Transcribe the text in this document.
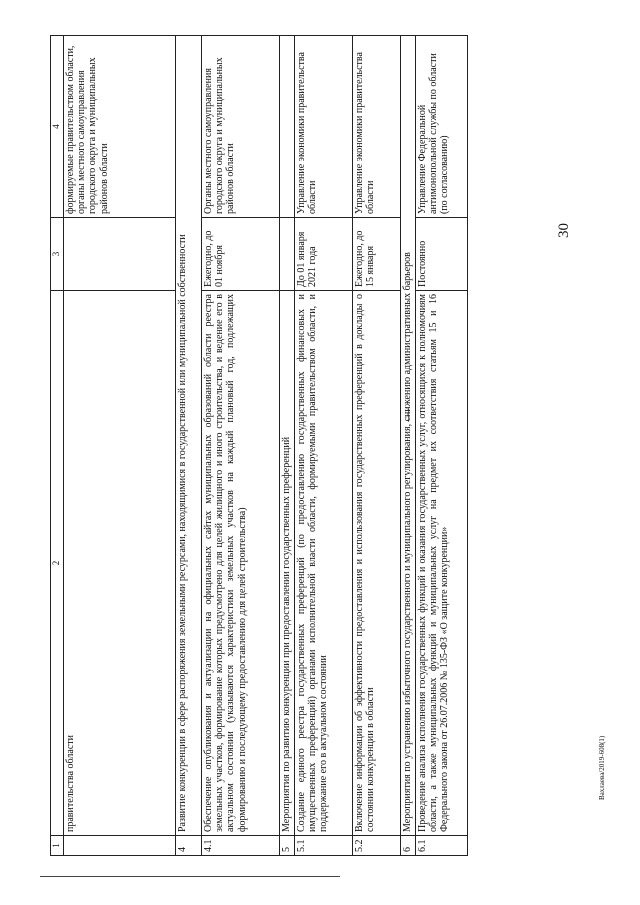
30
Вахлаева/2019-608(1)
1	2	3	4
	правительства области		формируемые правительством области, органы местного самоуправления городского округа и муниципальных районов области
4	Развитие конкуренции в сфере распоряжения земельными ресурсами, находящимися в государственной или муниципальной собственности		
4.1	Обеспечение опубликования и актуализации на официальных сайтах муниципальных образований области реестра земельных участков, формирование которых предусмотрено для целей жилищного и иного строительства, и ведение его в актуальном состоянии (указываются характеристики земельных участков на каждый плановый год, подлежащих формированию и последующему предоставлению для целей строительства)	Ежегодно, до 01 ноября	Органы местного самоуправления городского округа и муниципальных районов области
5	Мероприятия по развитию конкуренции при предоставлении государственных преференций		
5.1	Создание единого реестра государственных преференций (по предоставлению государственных финансовых и имущественных преференций) органами исполнительной власти области, формируемыми правительством области, и поддержание его в актуальном состоянии	До 01 января 2021 года	Управление экономики правительства области
5.2	Включение информации об эффективности предоставления и использования государственных преференций в доклады о состоянии конкуренции в области	Ежегодно, до 15 января	Управление экономики правительства области
6	Мероприятия по устранению избыточного государственного и муниципального регулирования, снижению административных барьеров		
6.1	Проведение анализа исполнения государственных функций и оказания государственных услуг, относящихся к полномочиям области, а также муниципальных функций и муниципальных услуг на предмет их соответствия статьям 15 и 16 Федерального закона от 26.07.2006 № 135-ФЗ «О защите конкуренции»	Постоянно	Управление Федеральной антимонопольной службы по области (по согласованию)
